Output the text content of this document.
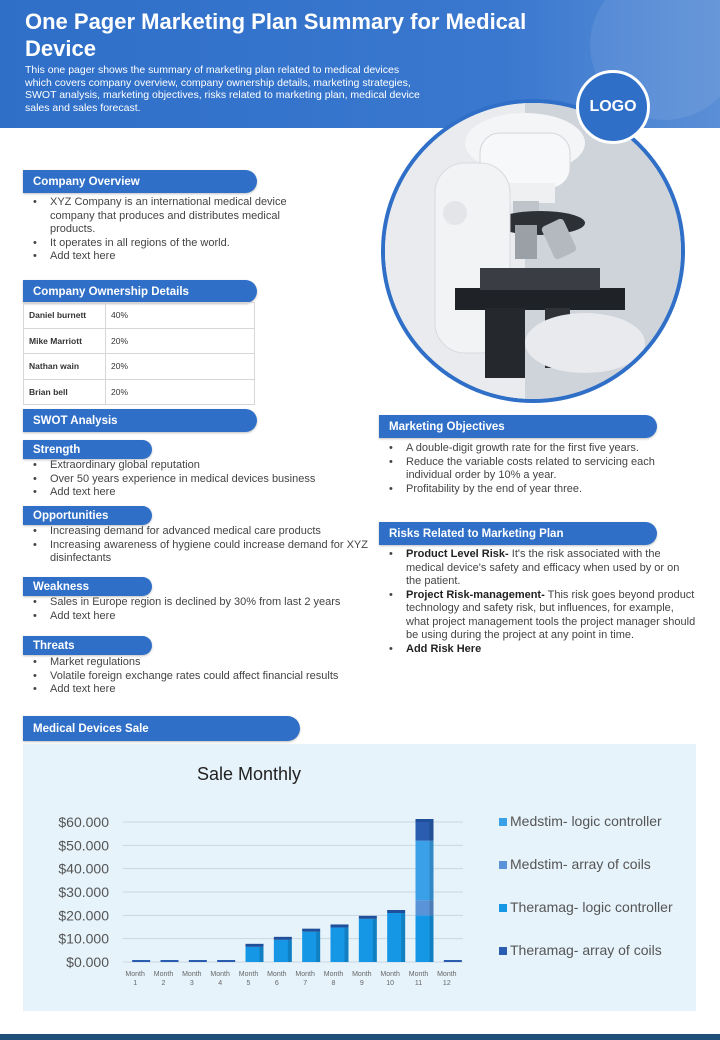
One Pager Marketing Plan Summary for Medical Device
This one pager shows the summary of marketing plan related to medical devices which covers company overview, company ownership details, marketing strategies, SWOT analysis, marketing objectives, risks related to marketing plan, medical device sales and sales forecast.	LOGO
Company Overview
• XYZ Company is an international medical device company that produces and distributes medical products.
• It operates in all regions of the world.
• Add text here
Company Ownership Details
Daniel burnett	40%
Mike Marriott	20%
Nathan wain	20%
Brian bell	20%
SWOT Analysis
Strength
• Extraordinary global reputation
• Over 50 years experience in medical devices business
• Add text here
Opportunities
• Increasing demand for advanced medical care products
• Increasing awareness of hygiene could increase demand for XYZ disinfectants
Weakness
• Sales in Europe region is declined by 30% from last 2 years
• Add text here
Threats
• Market regulations
• Volatile foreign exchange rates could affect financial results
• Add text here
Marketing Objectives
• A double-digit growth rate for the first five years.
• Reduce the variable costs related to servicing each individual order by 10% a year.
• Profitability by the end of year three.
Risks Related to Marketing Plan
• Product Level Risk- It's the risk associated with the medical device's safety and efficacy when used by or on the patient.
• Project Risk-management- This risk goes beyond product technology and safety risk, but influences, for example, what project management tools the project manager should be using during the project at any point in time.
• Add Risk Here
Medical Devices Sale
Sale Monthly
$0.000
$10.000
$20.000
$30.000
$40.000
$50.000
$60.000
Month
1
Month
2
Month
3
Month
4
Month
5
Month
6
Month
7
Month
8
Month
9
Month
10
Month
11
Month
12
Medstim- logic controller
Medstim- array of coils
Theramag- logic controller
Theramag- array of coils
